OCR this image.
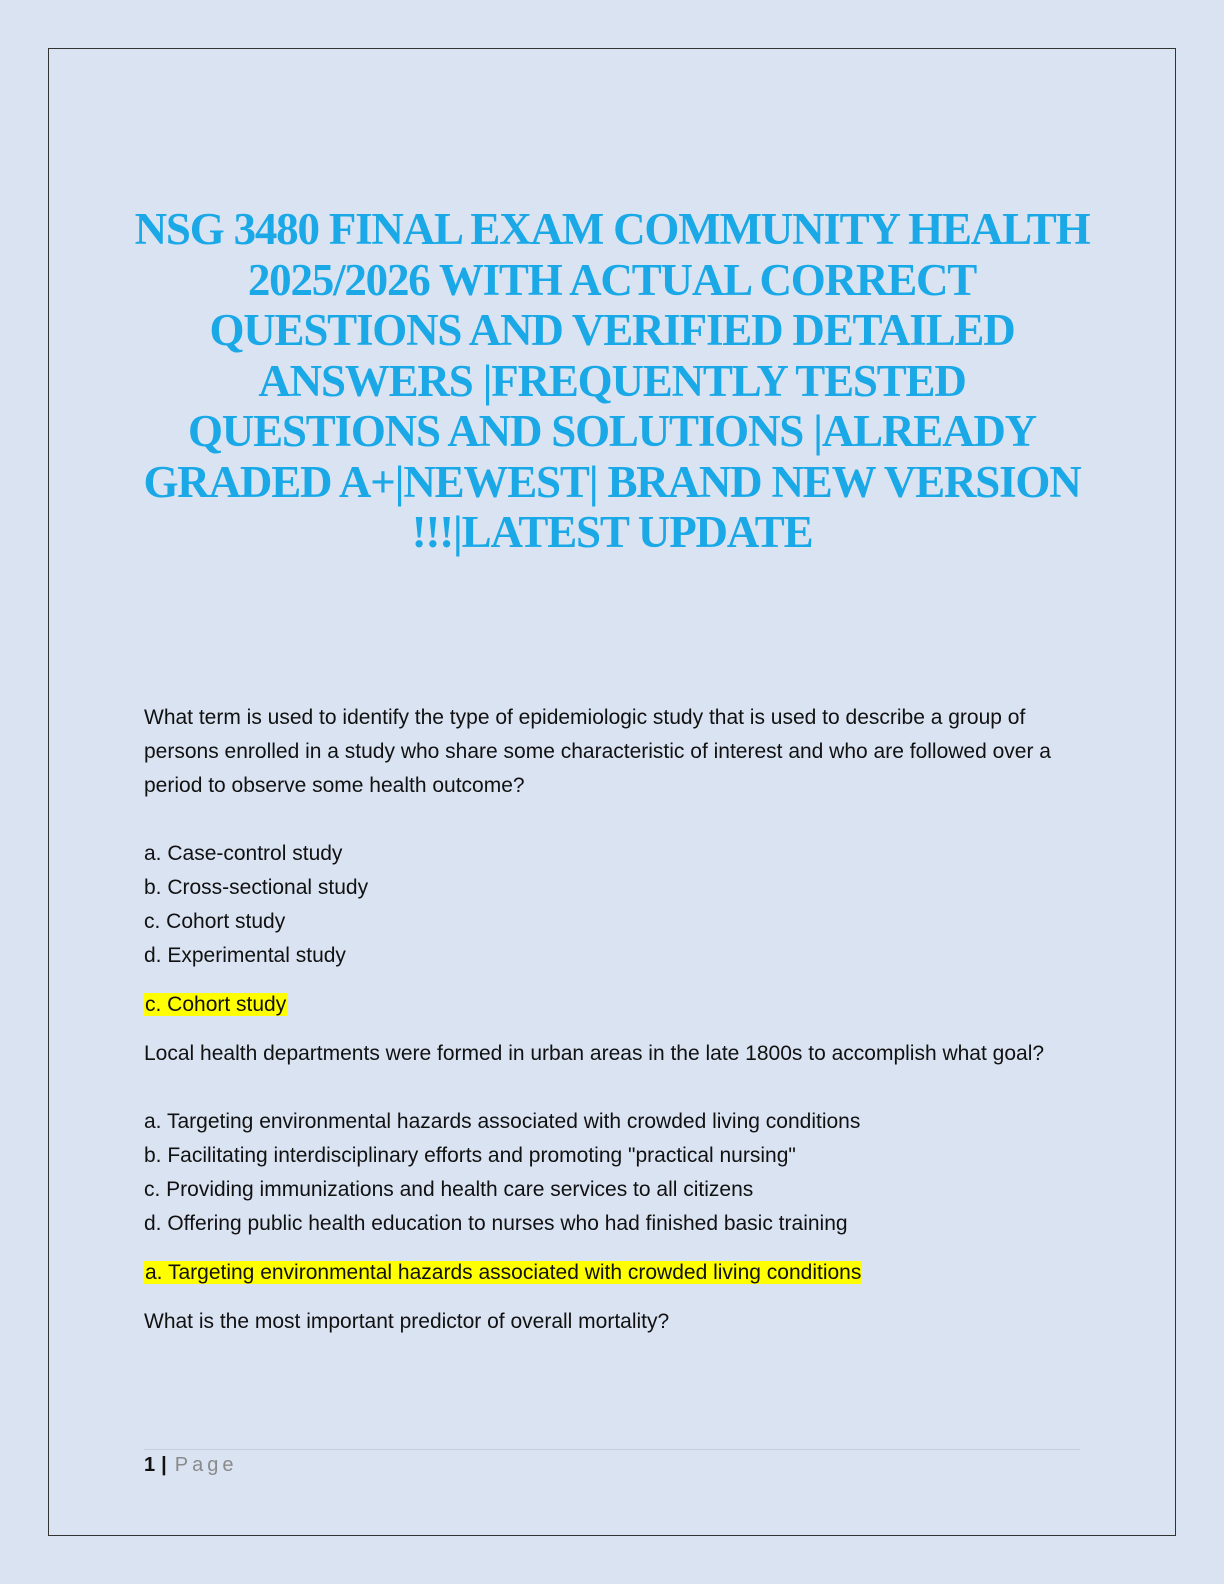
NSG 3480 FINAL EXAM COMMUNITY HEALTH 2025/2026 WITH ACTUAL CORRECT QUESTIONS AND VERIFIED DETAILED ANSWERS |FREQUENTLY TESTED QUESTIONS AND SOLUTIONS |ALREADY GRADED A+|NEWEST| BRAND NEW VERSION !!!|LATEST UPDATE

What term is used to identify the type of epidemiologic study that is used to describe a group of persons enrolled in a study who share some characteristic of interest and who are followed over a period to observe some health outcome?

a. Case-control study
b. Cross-sectional study
c. Cohort study
d. Experimental study

c. Cohort study

Local health departments were formed in urban areas in the late 1800s to accomplish what goal?

a. Targeting environmental hazards associated with crowded living conditions
b. Facilitating interdisciplinary efforts and promoting "practical nursing"
c. Providing immunizations and health care services to all citizens
d. Offering public health education to nurses who had finished basic training

a. Targeting environmental hazards associated with crowded living conditions

What is the most important predictor of overall mortality?

1 | Page
